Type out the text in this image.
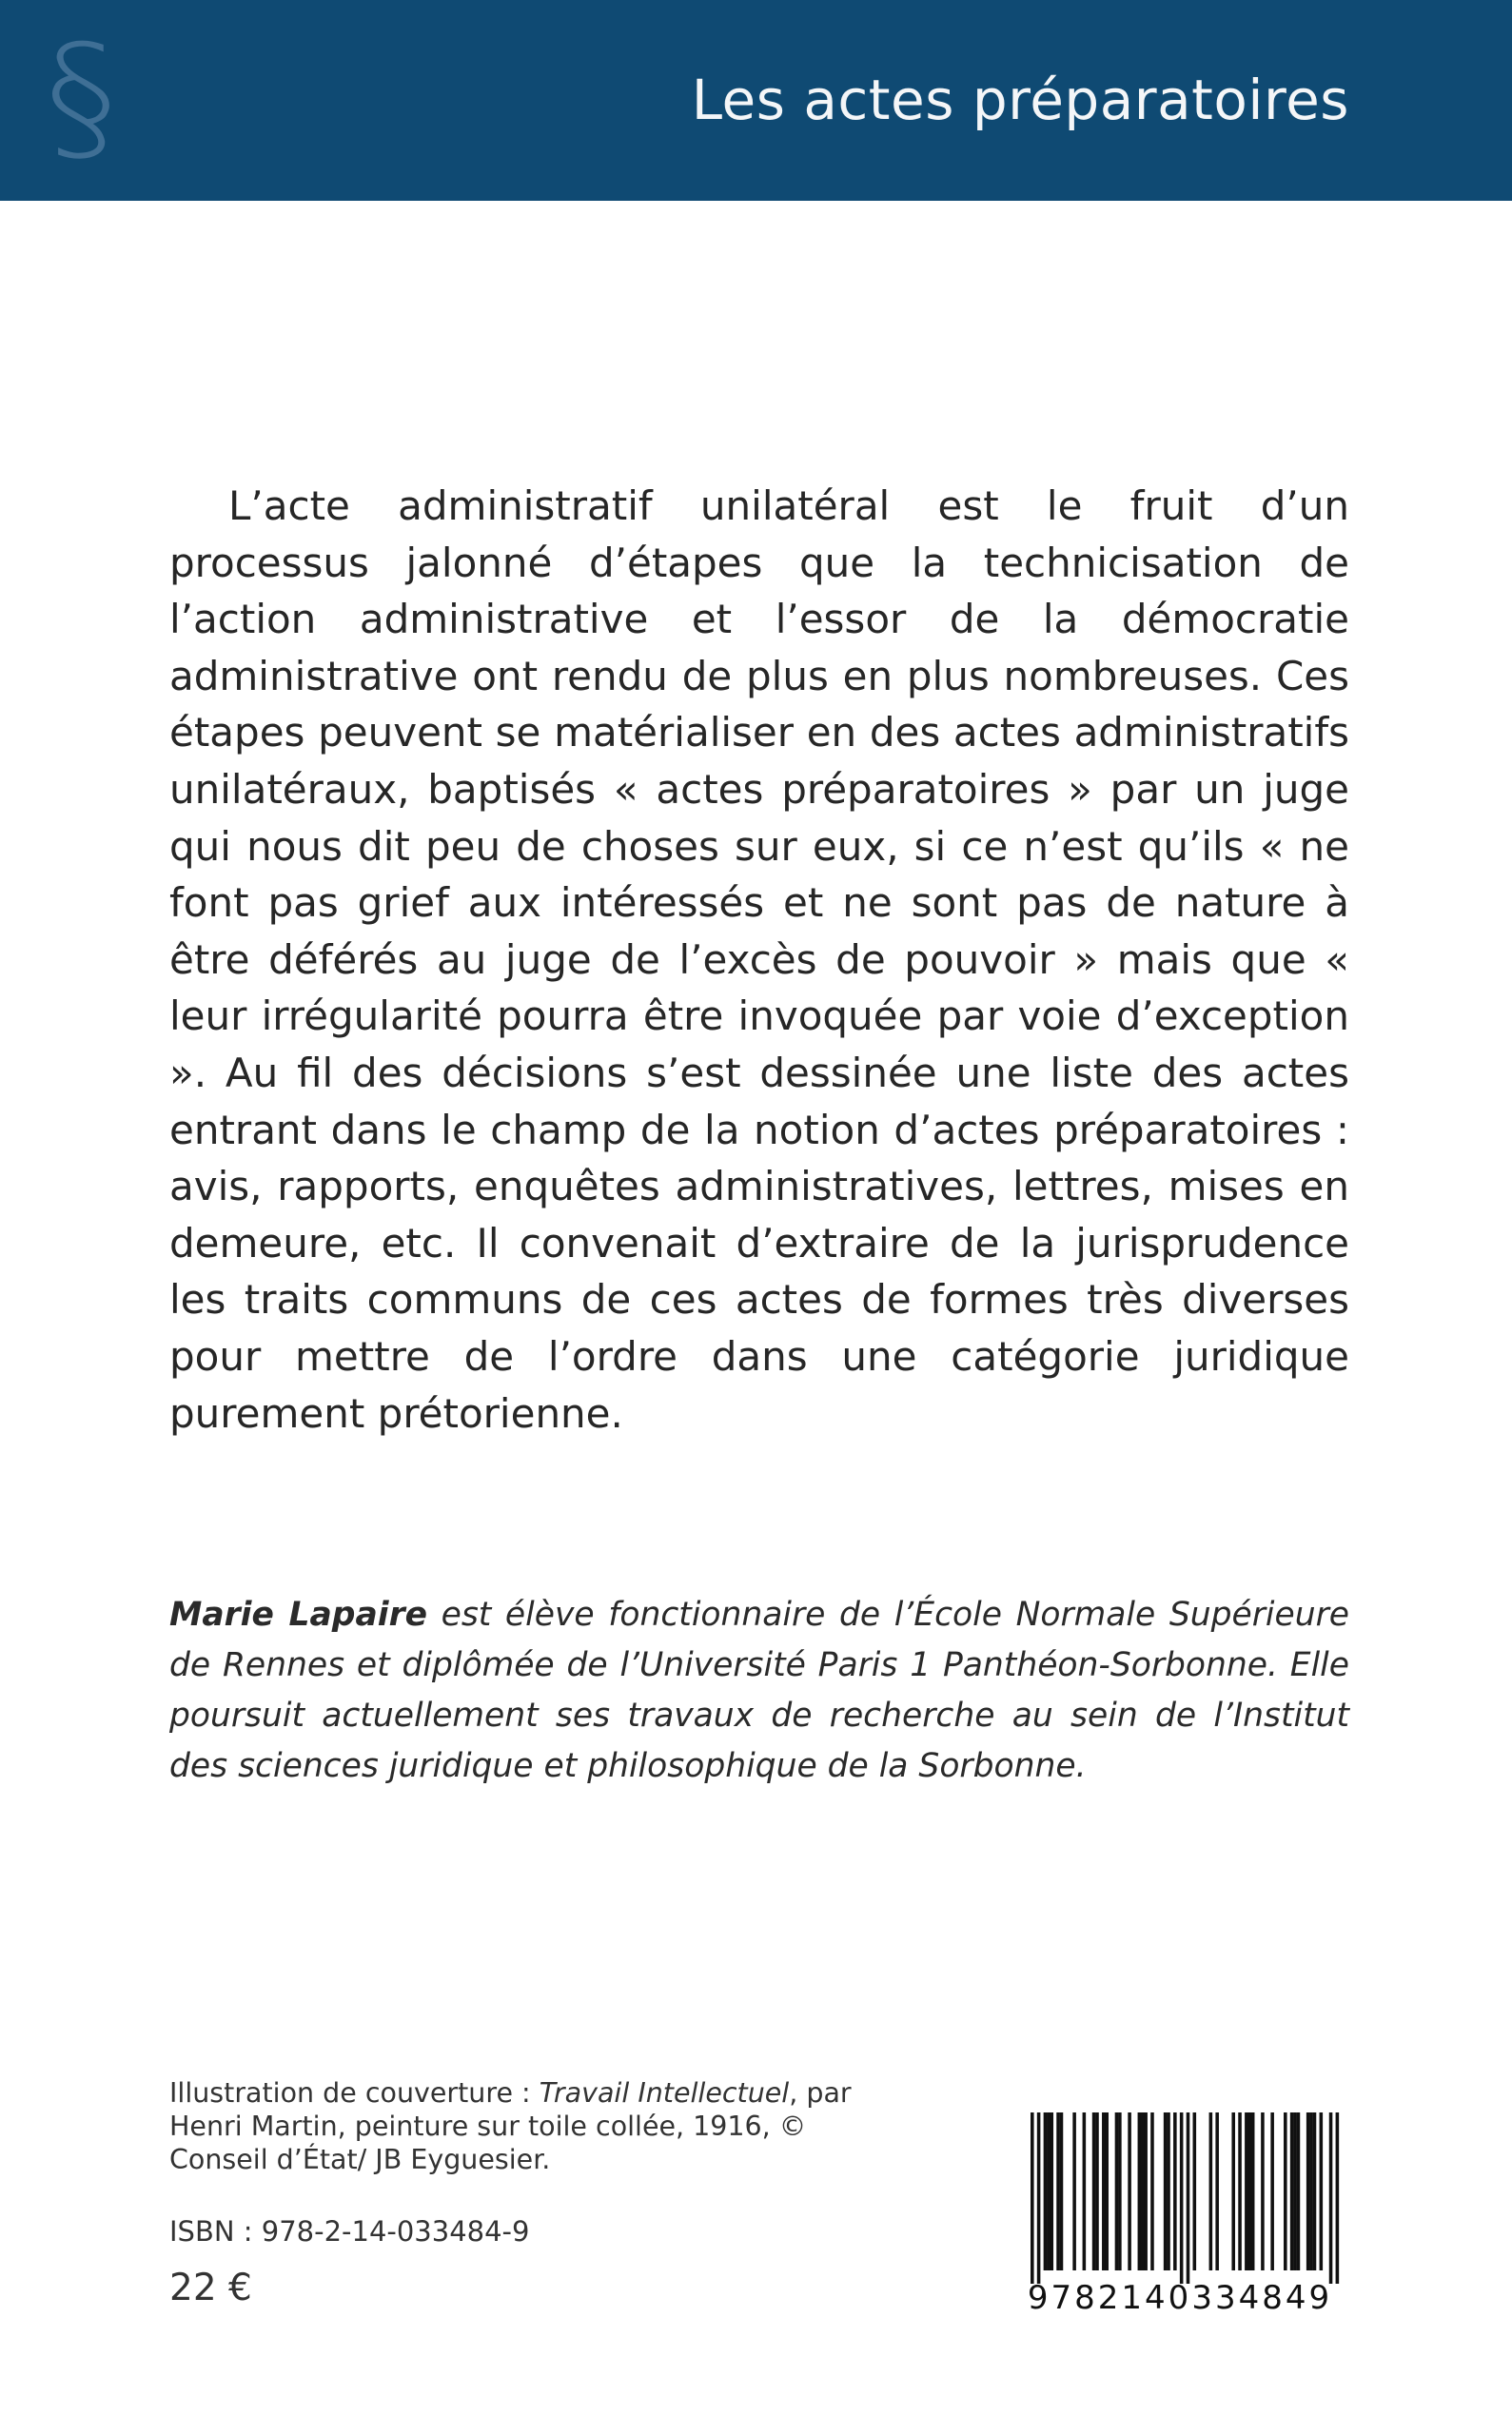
§	Les actes préparatoires

L’acte administratif unilatéral est le fruit d’un processus jalonné d’étapes que la technicisation de l’action administrative et l’essor de la démocratie administrative ont rendu de plus en plus nombreuses. Ces étapes peuvent se matérialiser en des actes administratifs unilatéraux, baptisés « actes préparatoires » par un juge qui nous dit peu de choses sur eux, si ce n’est qu’ils « ne font pas grief aux intéressés et ne sont pas de nature à être déférés au juge de l’excès de pouvoir » mais que « leur irrégularité pourra être invoquée par voie d’exception ». Au fil des décisions s’est dessinée une liste des actes entrant dans le champ de la notion d’actes préparatoires : avis, rapports, enquêtes administratives, lettres, mises en demeure, etc. Il convenait d’extraire de la jurisprudence les traits communs de ces actes de formes très diverses pour mettre de l’ordre dans une catégorie juridique purement prétorienne.

Marie Lapaire est élève fonctionnaire de l’École Normale Supérieure de Rennes et diplômée de l’Université Paris 1 Panthéon-Sorbonne. Elle poursuit actuellement ses travaux de recherche au sein de l’Institut des sciences juridique et philosophique de la Sorbonne.

Illustration de couverture : Travail Intellectuel, par Henri Martin, peinture sur toile collée, 1916, © Conseil d’État/ JB Eyguesier.

ISBN : 978-2-14-033484-9
22 €	9782140334849
